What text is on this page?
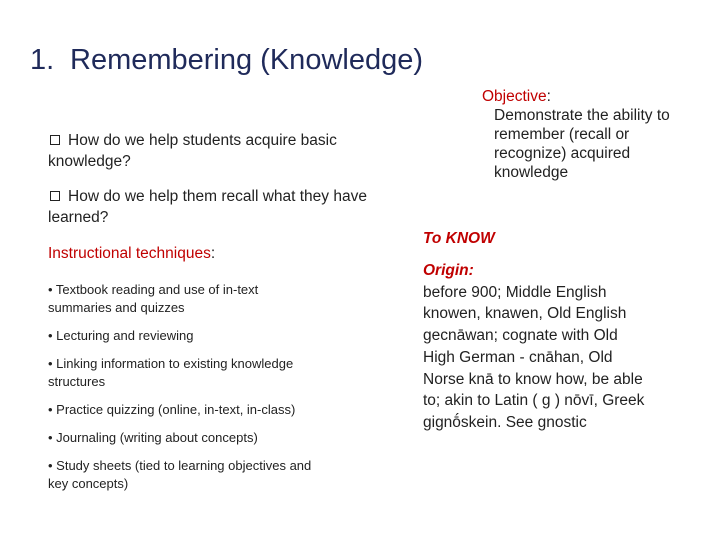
1. Remembering (Knowledge)
How do we help students acquire basic knowledge?
How do we help them recall what they have learned?
Instructional techniques:
• Textbook reading and use of in-text summaries and quizzes
• Lecturing and reviewing
• Linking information to existing knowledge structures
• Practice quizzing (online, in-text, in-class)
• Journaling (writing about concepts)
• Study sheets (tied to learning objectives and key concepts)
Objective:
Demonstrate the ability to remember (recall or recognize) acquired knowledge
To KNOW
Origin:
before 900; Middle English knowen, knawen, Old English gecnāwan; cognate with Old High German - cnāhan, Old Norse knā to know how, be able to; akin to Latin ( g ) nōvī, Greek gignṓskein. See gnostic
